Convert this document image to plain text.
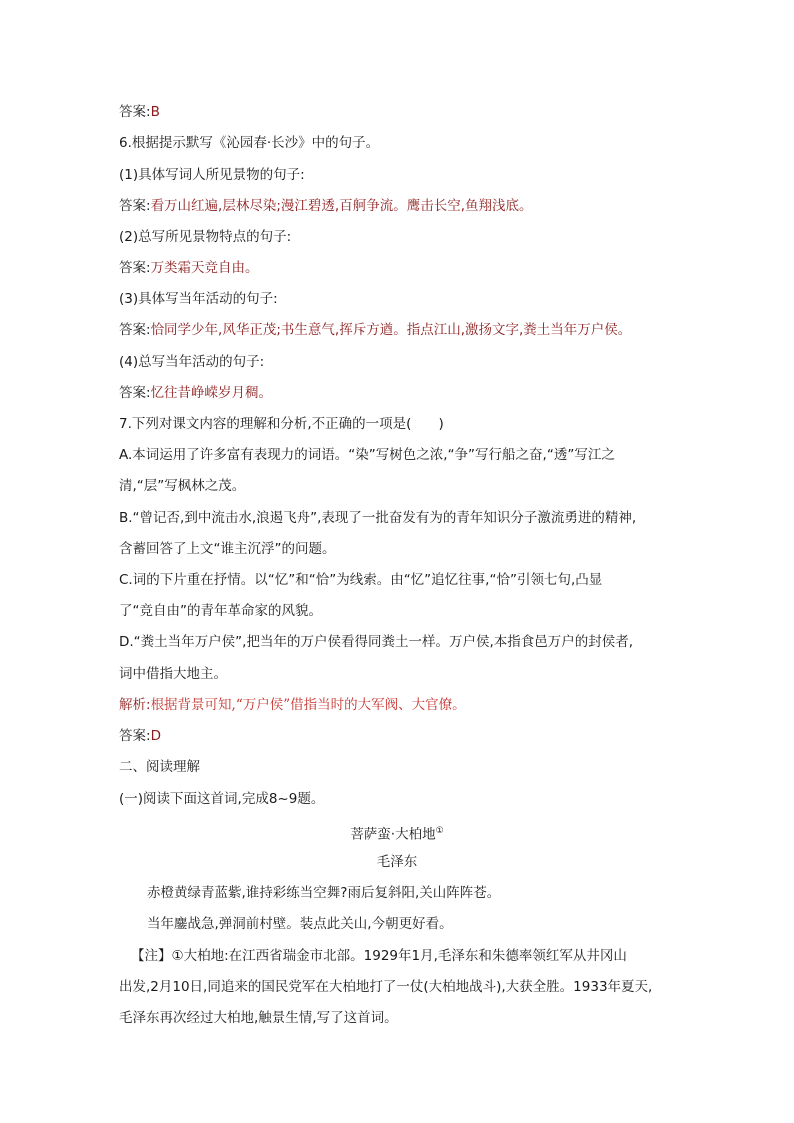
答案:B
6.根据提示默写《沁园春·长沙》中的句子。
(1)具体写词人所见景物的句子:
答案:看万山红遍,层林尽染;漫江碧透,百舸争流。鹰击长空,鱼翔浅底。
(2)总写所见景物特点的句子:
答案:万类霜天竞自由。
(3)具体写当年活动的句子:
答案:恰同学少年,风华正茂;书生意气,挥斥方遒。指点江山,激扬文字,粪土当年万户侯。
(4)总写当年活动的句子:
答案:忆往昔峥嵘岁月稠。
7.下列对课文内容的理解和分析,不正确的一项是(　　)
A.本词运用了许多富有表现力的词语。“染”写树色之浓,“争”写行船之奋,“透”写江之
清,“层”写枫林之茂。
B.“曾记否,到中流击水,浪遏飞舟”,表现了一批奋发有为的青年知识分子激流勇进的精神,
含蓄回答了上文“谁主沉浮”的问题。
C.词的下片重在抒情。以“忆”和“恰”为线索。由“忆”追忆往事,“恰”引领七句,凸显
了“竞自由”的青年革命家的风貌。
D.“粪土当年万户侯”,把当年的万户侯看得同粪土一样。万户侯,本指食邑万户的封侯者,
词中借指大地主。
解析:根据背景可知,“万户侯”借指当时的大军阀、大官僚。
答案:D
二、阅读理解
(一)阅读下面这首词,完成8~9题。
菩萨蛮·大柏地①
毛泽东
赤橙黄绿青蓝紫,谁持彩练当空舞?雨后复斜阳,关山阵阵苍。
当年鏖战急,弹洞前村壁。装点此关山,今朝更好看。
【注】①大柏地:在江西省瑞金市北部。1929年1月,毛泽东和朱德率领红军从井冈山
出发,2月10日,同追来的国民党军在大柏地打了一仗(大柏地战斗),大获全胜。1933年夏天,
毛泽东再次经过大柏地,触景生情,写了这首词。
